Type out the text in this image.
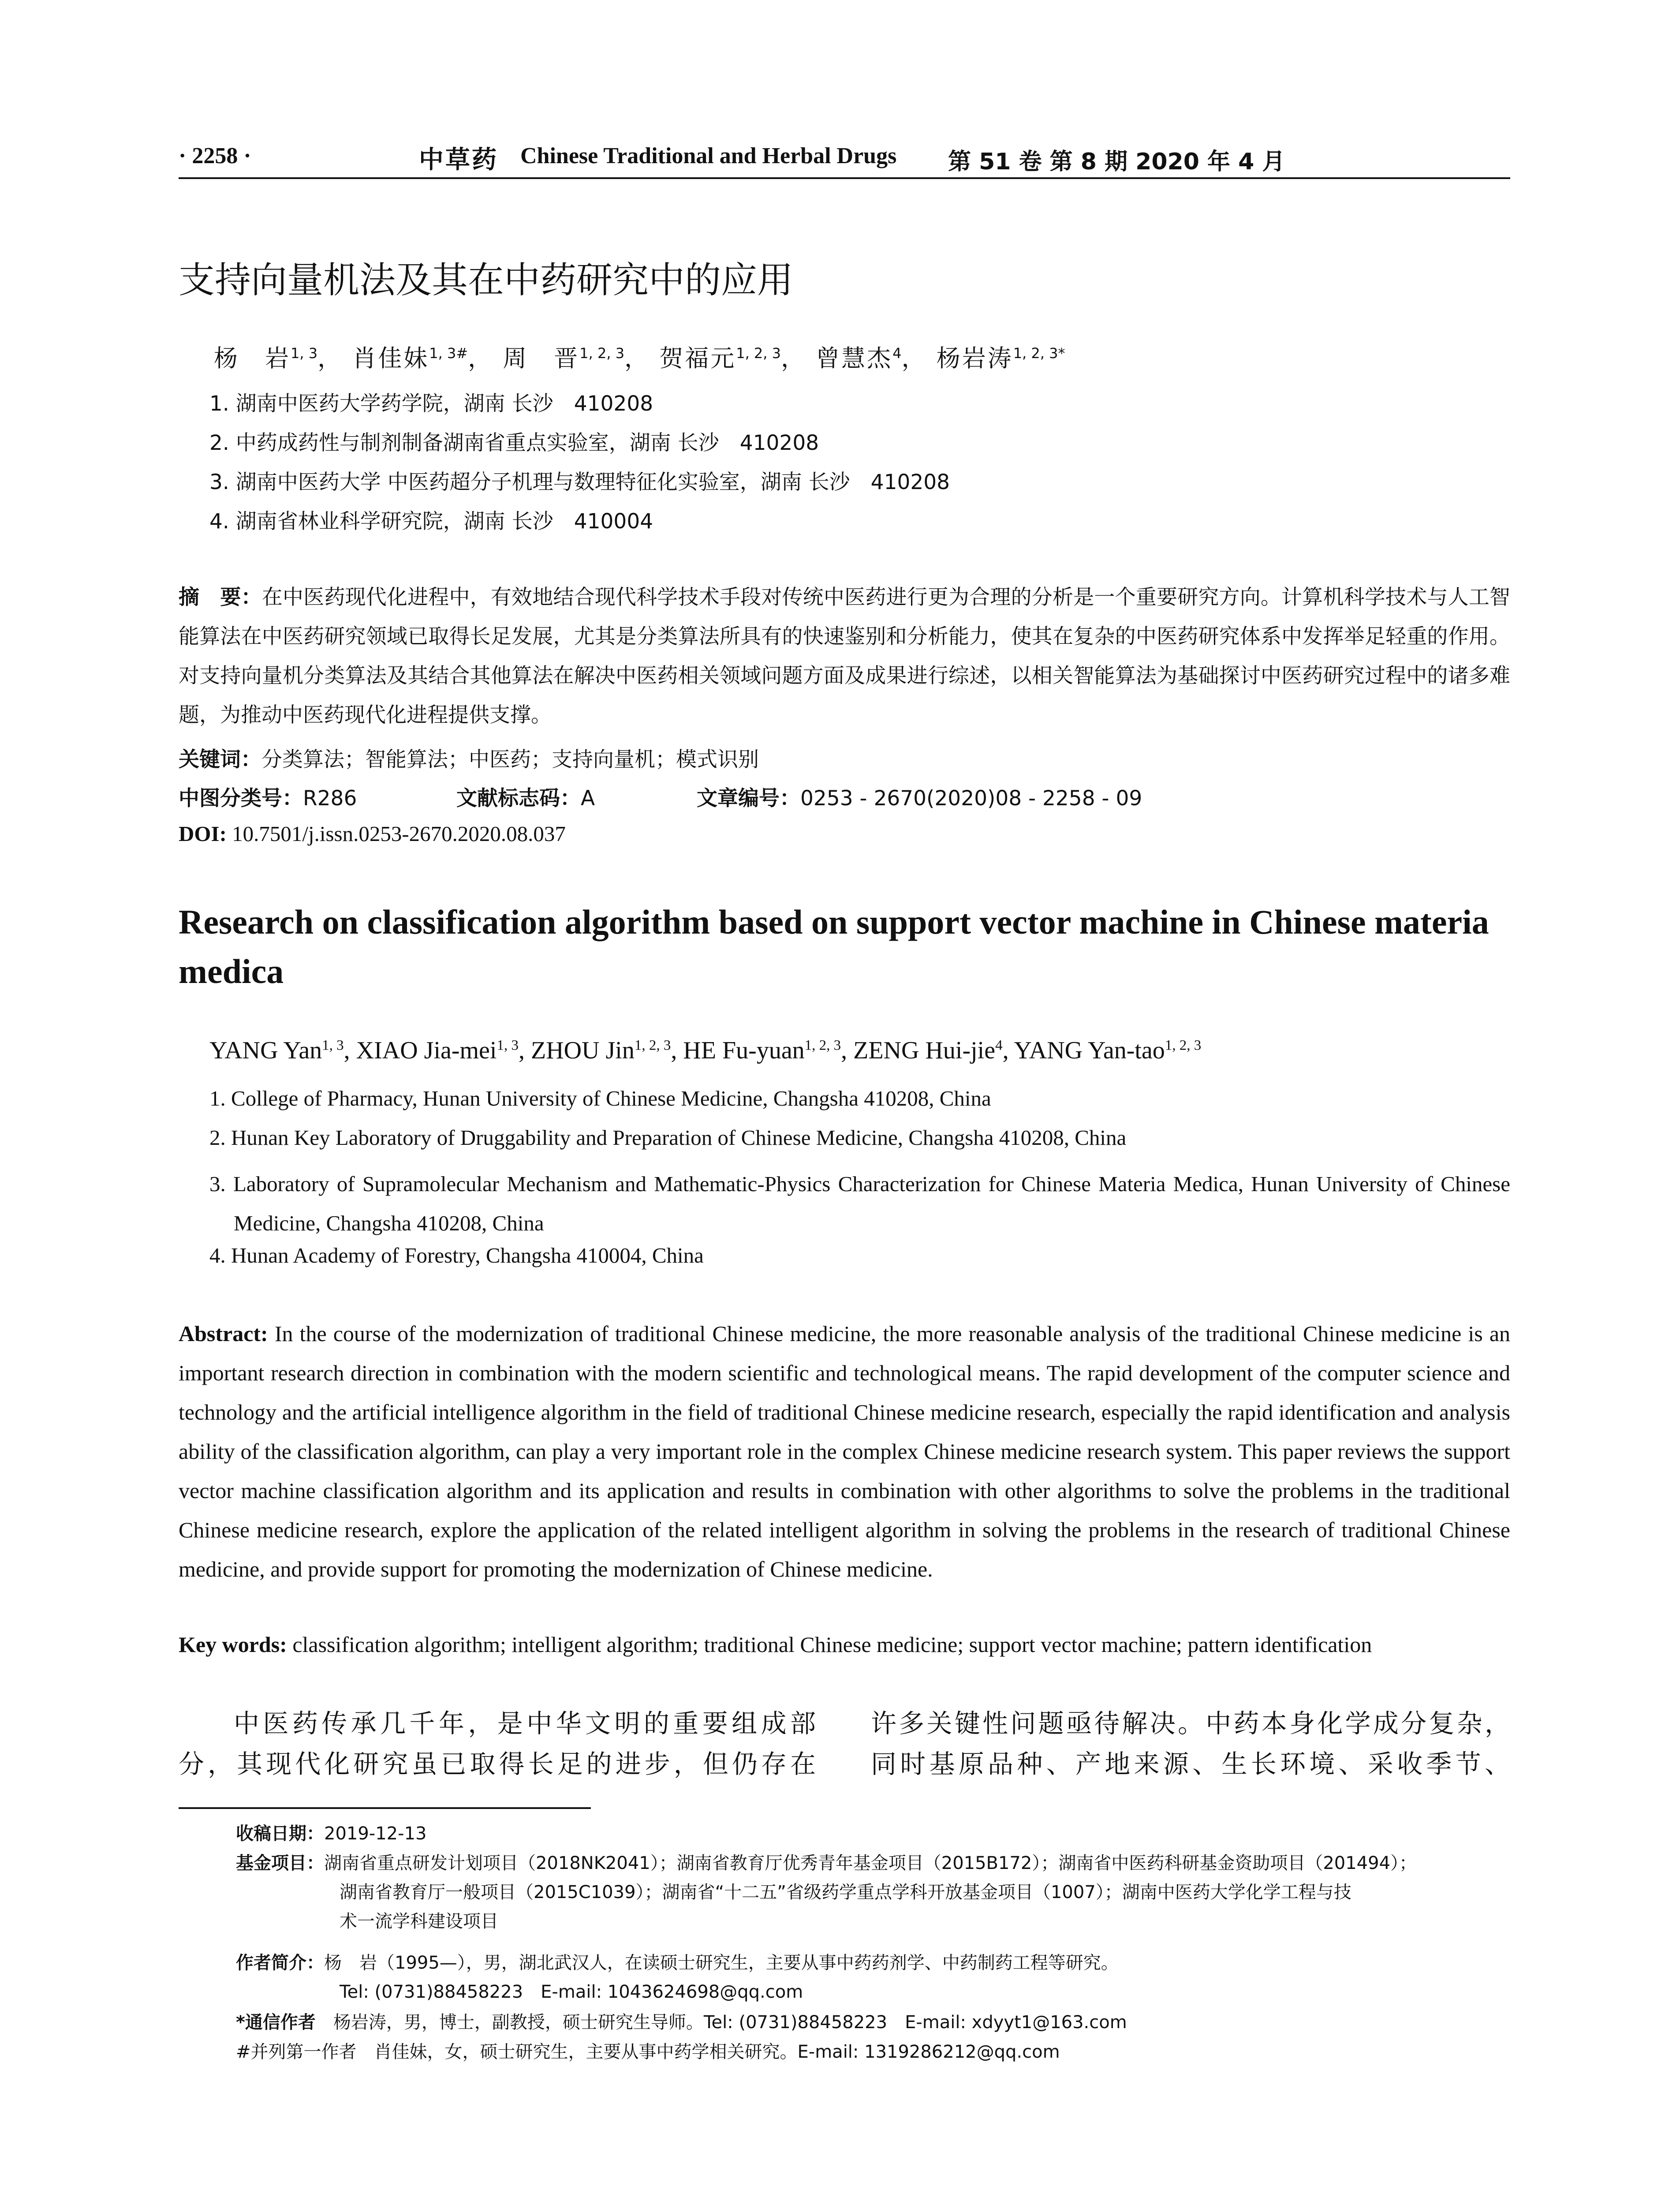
· 2258 ·	中草药 Chinese Traditional and Herbal Drugs 第 51 卷 第 8 期 2020 年 4 月
支持向量机法及其在中药研究中的应用
杨　岩$^{1, 3}$， 肖佳妹$^{1, 3\#}$， 周　晋$^{1, 2, 3}$， 贺福元$^{1, 2, 3}$， 曾慧杰$^4$， 杨岩涛$^{1, 2, 3*}$
1. 湖南中医药大学药学院，湖南 长沙　410208
2. 中药成药性与制剂制备湖南省重点实验室，湖南 长沙　410208
3. 湖南中医药大学 中医药超分子机理与数理特征化实验室，湖南 长沙　410208
4. 湖南省林业科学研究院，湖南 长沙　410004
摘　要：在中医药现代化进程中，有效地结合现代科学技术手段对传统中医药进行更为合理的分析是一个重要研究方向。计算机科学技术与人工智能算法在中医药研究领域已取得长足发展，尤其是分类算法所具有的快速鉴别和分析能力，使其在复杂的中医药研究体系中发挥举足轻重的作用。对支持向量机分类算法及其结合其他算法在解决中医药相关领域问题方面及成果进行综述，以相关智能算法为基础探讨中医药研究过程中的诸多难题，为推动中医药现代化进程提供支撑。
关键词：分类算法；智能算法；中医药；支持向量机；模式识别
中图分类号：R286	文献标志码：A	文章编号：0253 - 2670(2020)08 - 2258 - 09
DOI: 10.7501/j.issn.0253-2670.2020.08.037
Research on classification algorithm based on support vector machine in Chinese materia medica
YANG Yan$^{1, 3}$, XIAO Jia-mei$^{1, 3}$, ZHOU Jin$^{1, 2, 3}$, HE Fu-yuan$^{1, 2, 3}$, ZENG Hui-jie$^4$, YANG Yan-tao$^{1, 2, 3}$
1. College of Pharmacy, Hunan University of Chinese Medicine, Changsha 410208, China
2. Hunan Key Laboratory of Druggability and Preparation of Chinese Medicine, Changsha 410208, China
3. Laboratory of Supramolecular Mechanism and Mathematic-Physics Characterization for Chinese Materia Medica, Hunan University of Chinese Medicine, Changsha 410208, China
4. Hunan Academy of Forestry, Changsha 410004, China
Abstract: In the course of the modernization of traditional Chinese medicine, the more reasonable analysis of the traditional Chinese medicine is an important research direction in combination with the modern scientific and technological means. The rapid development of the computer science and technology and the artificial intelligence algorithm in the field of traditional Chinese medicine research, especially the rapid identification and analysis ability of the classification algorithm, can play a very important role in the complex Chinese medicine research system. This paper reviews the support vector machine classification algorithm and its application and results in combination with other algorithms to solve the problems in the traditional Chinese medicine research, explore the application of the related intelligent algorithm in solving the problems in the research of traditional Chinese medicine, and provide support for promoting the modernization of Chinese medicine.
Key words: classification algorithm; intelligent algorithm; traditional Chinese medicine; support vector machine; pattern identification
中医药传承几千年，是中华文明的重要组成部
分，其现代化研究虽已取得长足的进步，但仍存在
许多关键性问题亟待解决。中药本身化学成分复杂，
同时基原品种、产地来源、生长环境、采收季节、
收稿日期：2019-12-13
基金项目：湖南省重点研发计划项目（2018NK2041）；湖南省教育厅优秀青年基金项目（2015B172）；湖南省中医药科研基金资助项目（201494）；
湖南省教育厅一般项目（2015C1039）；湖南省“十二五”省级药学重点学科开放基金项目（1007）；湖南中医药大学化学工程与技
术一流学科建设项目
作者简介：杨　岩（1995—），男，湖北武汉人，在读硕士研究生，主要从事中药药剂学、中药制药工程等研究。
Tel: (0731)88458223　E-mail: 1043624698@qq.com
*通信作者　 杨岩涛，男，博士，副教授，硕士研究生导师。Tel: (0731)88458223　E-mail: xdyyt1@163.com
#并列第一作者　 肖佳妹，女，硕士研究生，主要从事中药学相关研究。E-mail: 1319286212@qq.com
